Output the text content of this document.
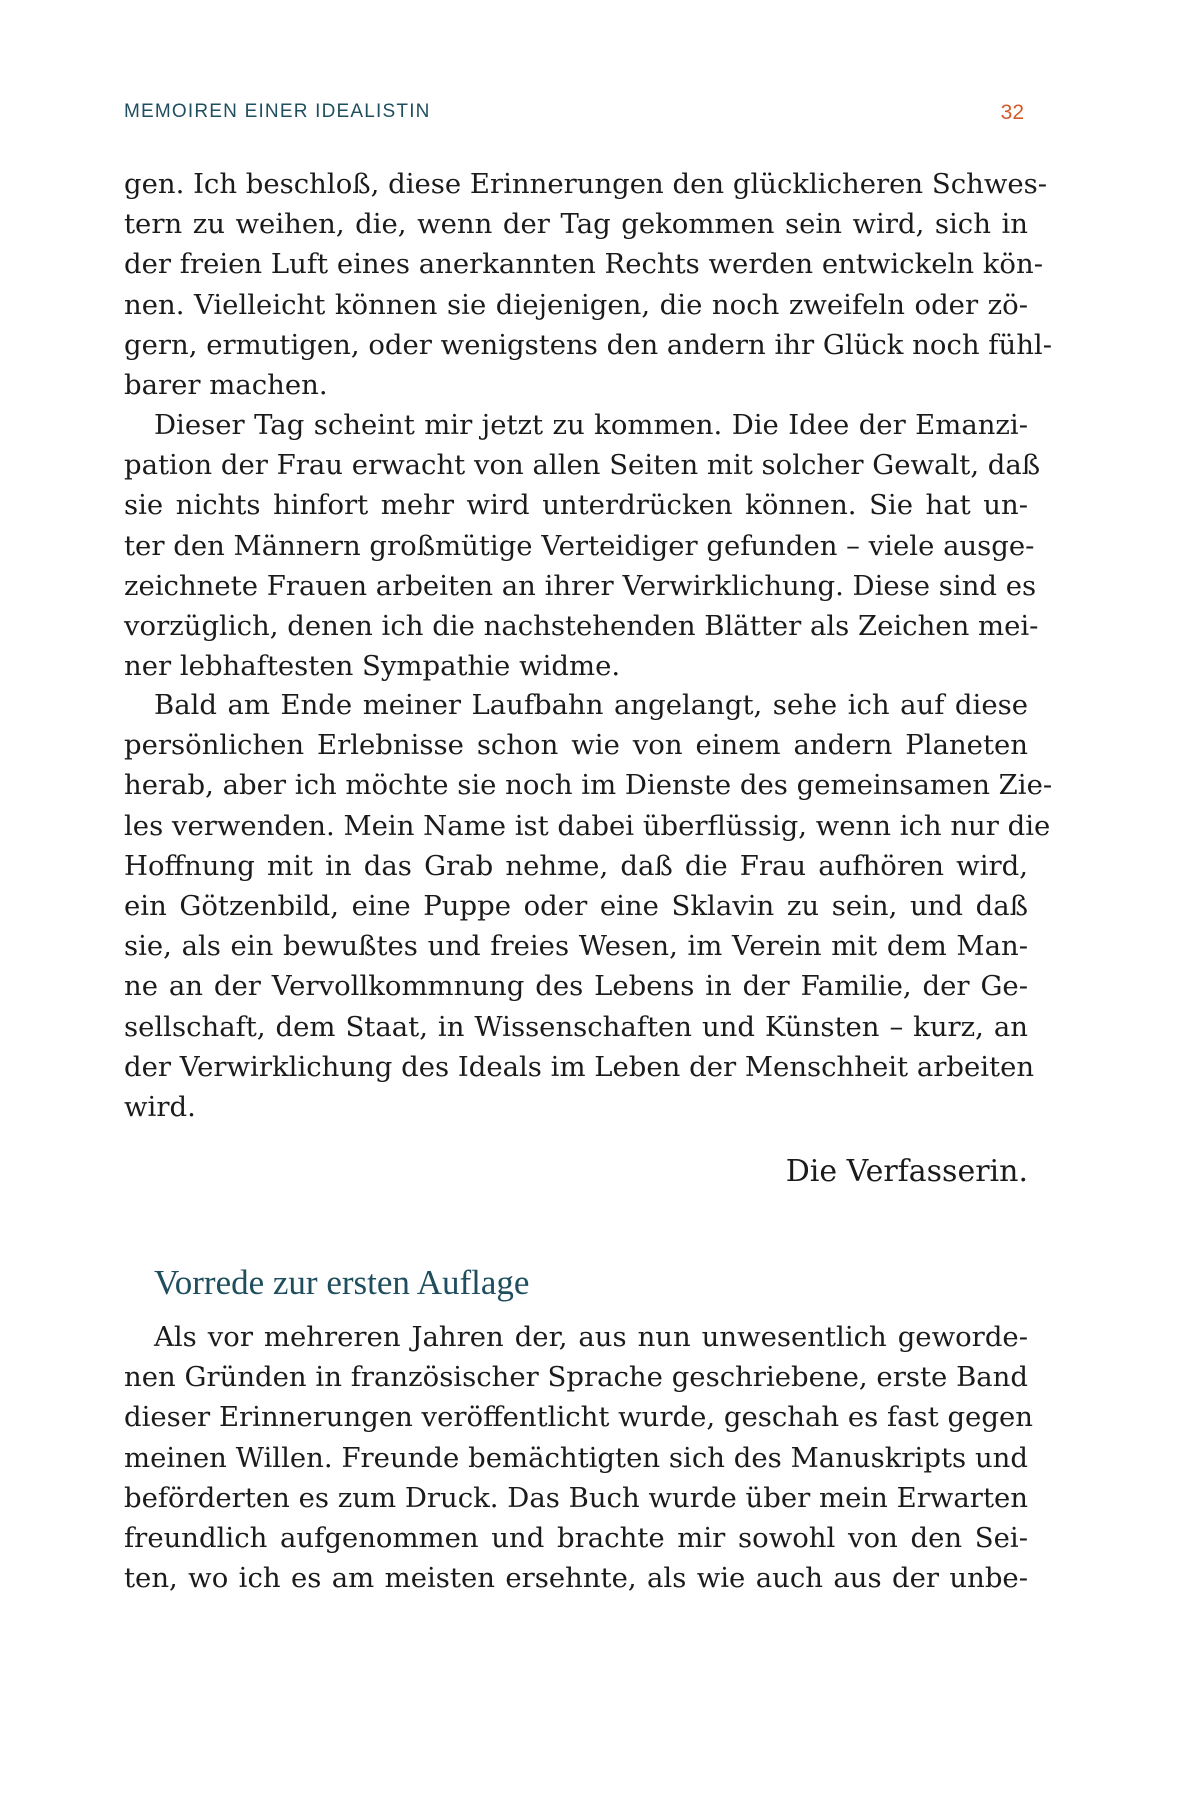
MEMOIREN EINER IDEALISTIN	32
gen. Ich beschloß, diese Erinnerungen den glücklicheren Schwes-
tern zu weihen, die, wenn der Tag gekommen sein wird, sich in
der freien Luft eines anerkannten Rechts werden entwickeln kön-
nen. Vielleicht können sie diejenigen, die noch zweifeln oder zö-
gern, ermutigen, oder wenigstens den andern ihr Glück noch fühl-
barer machen.
Dieser Tag scheint mir jetzt zu kommen. Die Idee der Emanzi-
pation der Frau erwacht von allen Seiten mit solcher Gewalt, daß
sie nichts hinfort mehr wird unterdrücken können. Sie hat un-
ter den Männern großmütige Verteidiger gefunden – viele ausge-
zeichnete Frauen arbeiten an ihrer Verwirklichung. Diese sind es
vorzüglich, denen ich die nachstehenden Blätter als Zeichen mei-
ner lebhaftesten Sympathie widme.
Bald am Ende meiner Laufbahn angelangt, sehe ich auf diese
persönlichen Erlebnisse schon wie von einem andern Planeten
herab, aber ich möchte sie noch im Dienste des gemeinsamen Zie-
les verwenden. Mein Name ist dabei überflüssig, wenn ich nur die
Hoffnung mit in das Grab nehme, daß die Frau aufhören wird,
ein Götzenbild, eine Puppe oder eine Sklavin zu sein, und daß
sie, als ein bewußtes und freies Wesen, im Verein mit dem Man-
ne an der Vervollkommnung des Lebens in der Familie, der Ge-
sellschaft, dem Staat, in Wissenschaften und Künsten – kurz, an
der Verwirklichung des Ideals im Leben der Menschheit arbeiten
wird.
Die Verfasserin.
Vorrede zur ersten Auflage
Als vor mehreren Jahren der, aus nun unwesentlich geworde-
nen Gründen in französischer Sprache geschriebene, erste Band
dieser Erinnerungen veröffentlicht wurde, geschah es fast gegen
meinen Willen. Freunde bemächtigten sich des Manuskripts und
beförderten es zum Druck. Das Buch wurde über mein Erwarten
freundlich aufgenommen und brachte mir sowohl von den Sei-
ten, wo ich es am meisten ersehnte, als wie auch aus der unbe-
